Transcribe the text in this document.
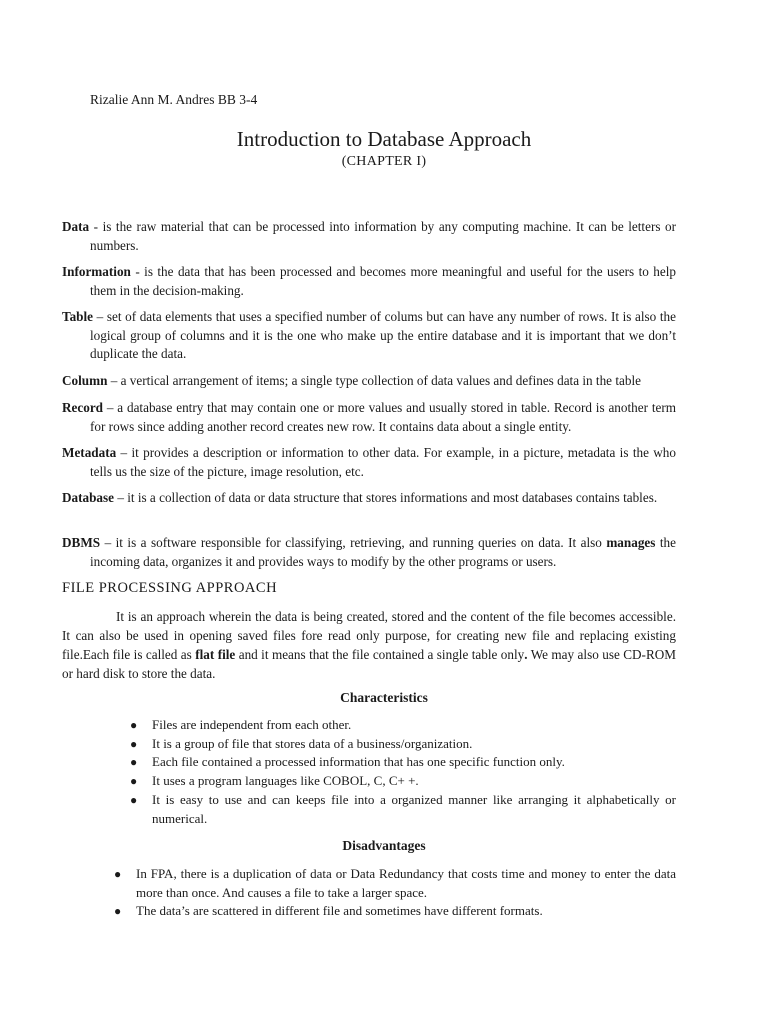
Rizalie Ann M. Andres BB 3-4
Introduction to Database Approach
(CHAPTER I)
Data - is the raw material that can be processed into information by any computing machine. It can be letters or numbers.
Information - is the data that has been processed and becomes more meaningful and useful for the users to help them in the decision-making.
Table – set of data elements that uses a specified number of colums but can have any number of rows. It is also the logical group of columns and it is the one who make up the entire database and it is important that we don’t duplicate the data.
Column – a vertical arrangement of items; a single type collection of data values and defines data in the table
Record – a database entry that may contain one or more values and usually stored in table. Record is another term for rows since adding another record creates new row. It contains data about a single entity.
Metadata – it provides a description or information to other data. For example, in a picture, metadata is the who tells us the size of the picture, image resolution, etc.
Database – it is a collection of data or data structure that stores informations and most databases contains tables.
DBMS – it is a software responsible for classifying, retrieving, and running queries on data. It also manages the incoming data, organizes it and provides ways to modify by the other programs or users.
FILE PROCESSING APPROACH
It is an approach wherein the data is being created, stored and the content of the file becomes accessible. It can also be used in opening saved files fore read only purpose, for creating new file and replacing existing file.Each file is called as flat file and it means that the file contained a single table only. We may also use CD-ROM or hard disk to store the data.
Characteristics
● Files are independent from each other.
● It is a group of file that stores data of a business/organization.
● Each file contained a processed information that has one specific function only.
● It uses a program languages like COBOL, C, C+ +.
● It is easy to use and can keeps file into a organized manner like arranging it alphabetically or numerical.
Disadvantages
● In FPA, there is a duplication of data or Data Redundancy that costs time and money to enter the data more than once. And causes a file to take a larger space.
● The data’s are scattered in different file and sometimes have different formats.
